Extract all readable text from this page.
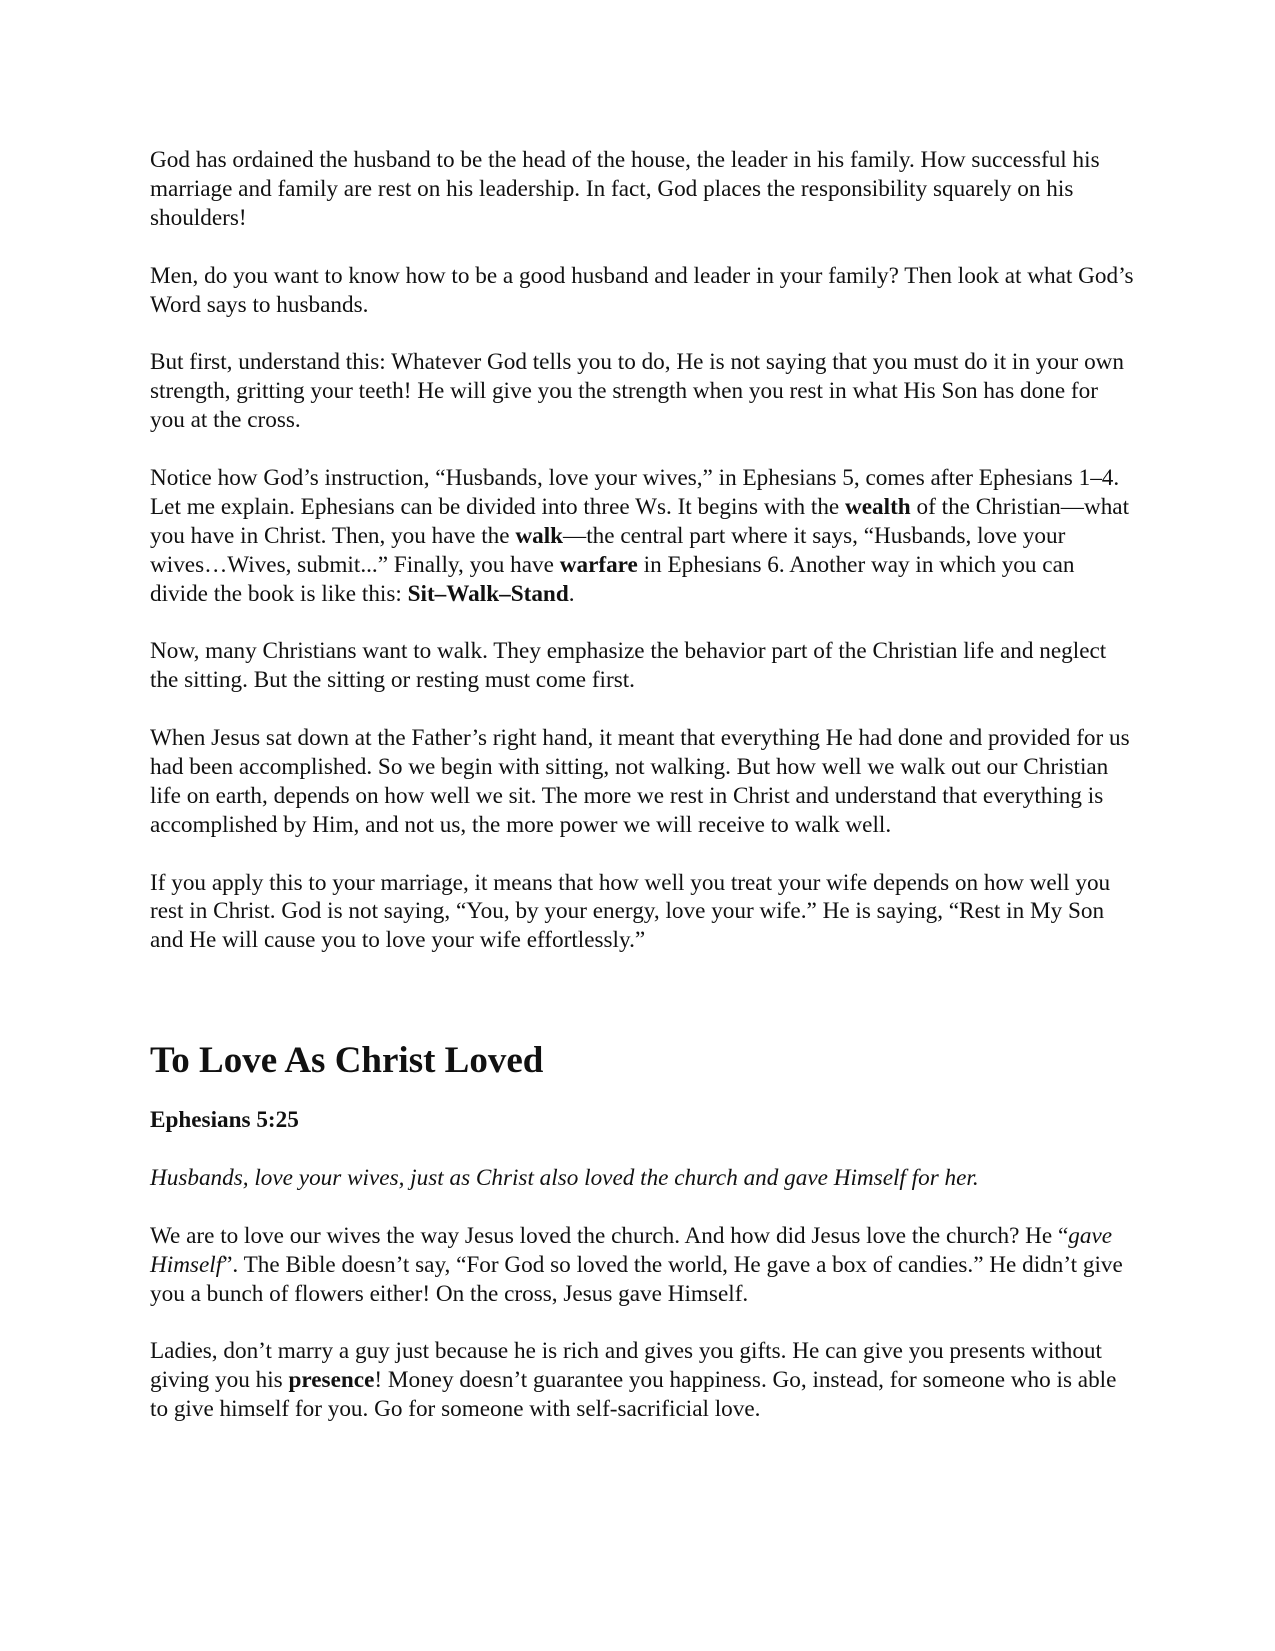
God has ordained the husband to be the head of the house, the leader in his family. How successful his marriage and family are rest on his leadership. In fact, God places the responsibility squarely on his shoulders!

Men, do you want to know how to be a good husband and leader in your family? Then look at what God’s Word says to husbands.

But first, understand this: Whatever God tells you to do, He is not saying that you must do it in your own strength, gritting your teeth! He will give you the strength when you rest in what His Son has done for you at the cross.

Notice how God’s instruction, “Husbands, love your wives,” in Ephesians 5, comes after Ephesians 1–4. Let me explain. Ephesians can be divided into three Ws. It begins with the wealth of the Christian—what you have in Christ. Then, you have the walk—the central part where it says, “Husbands, love your wives…Wives, submit...” Finally, you have warfare in Ephesians 6. Another way in which you can divide the book is like this: Sit–Walk–Stand.

Now, many Christians want to walk. They emphasize the behavior part of the Christian life and neglect the sitting. But the sitting or resting must come first.

When Jesus sat down at the Father’s right hand, it meant that everything He had done and provided for us had been accomplished. So we begin with sitting, not walking. But how well we walk out our Christian life on earth, depends on how well we sit. The more we rest in Christ and understand that everything is accomplished by Him, and not us, the more power we will receive to walk well.

If you apply this to your marriage, it means that how well you treat your wife depends on how well you rest in Christ. God is not saying, “You, by your energy, love your wife.” He is saying, “Rest in My Son and He will cause you to love your wife effortlessly.”

To Love As Christ Loved

Ephesians 5:25

Husbands, love your wives, just as Christ also loved the church and gave Himself for her.

We are to love our wives the way Jesus loved the church. And how did Jesus love the church? He “gave Himself”. The Bible doesn’t say, “For God so loved the world, He gave a box of candies.” He didn’t give you a bunch of flowers either! On the cross, Jesus gave Himself.

Ladies, don’t marry a guy just because he is rich and gives you gifts. He can give you presents without giving you his presence! Money doesn’t guarantee you happiness. Go, instead, for someone who is able to give himself for you. Go for someone with self-sacrificial love.
